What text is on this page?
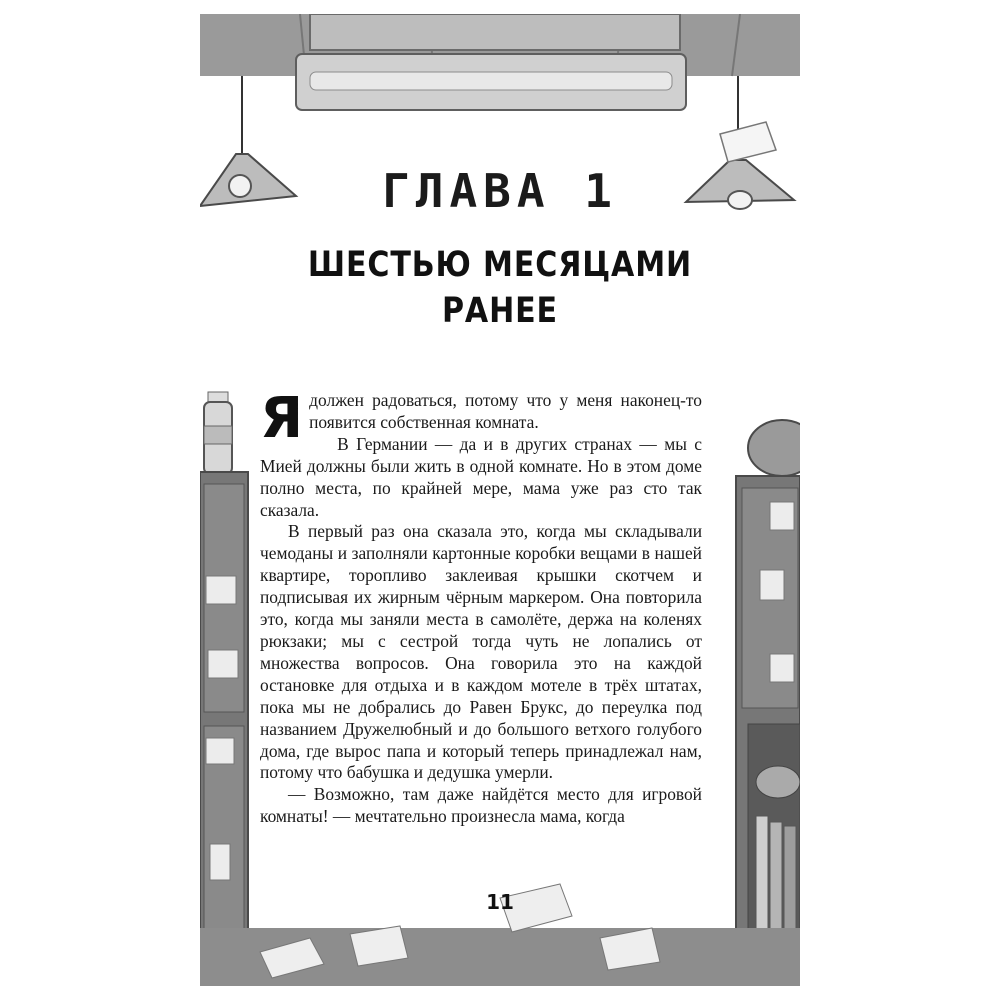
ГЛАВА 1
ШЕСТЬЮ МЕСЯЦАМИ
РАНЕЕ

Ядолжен радоваться, потому что у меня наконец-то появится собственная комната.

В Германии — да и в других странах — мы с Мией должны были жить в одной комнате. Но в этом доме полно места, по крайней мере, мама уже раз сто так сказала.

В первый раз она сказала это, когда мы складывали чемоданы и заполняли картонные коробки вещами в нашей квартире, торопливо заклеивая крышки скотчем и подписывая их жирным чёрным маркером. Она повторила это, когда мы заняли места в самолёте, держа на коленях рюкзаки; мы с сестрой тогда чуть не лопались от множества вопросов. Она говорила это на каждой остановке для отдыха и в каждом мотеле в трёх штатах, пока мы не добрались до Равен Брукс, до переулка под названием Дружелюбный и до большого ветхого голубого дома, где вырос папа и который теперь принадлежал нам, потому что бабушка и дедушка умерли.

— Возможно, там даже найдётся место для игровой комнаты! — мечтательно произнесла мама, когда

11
